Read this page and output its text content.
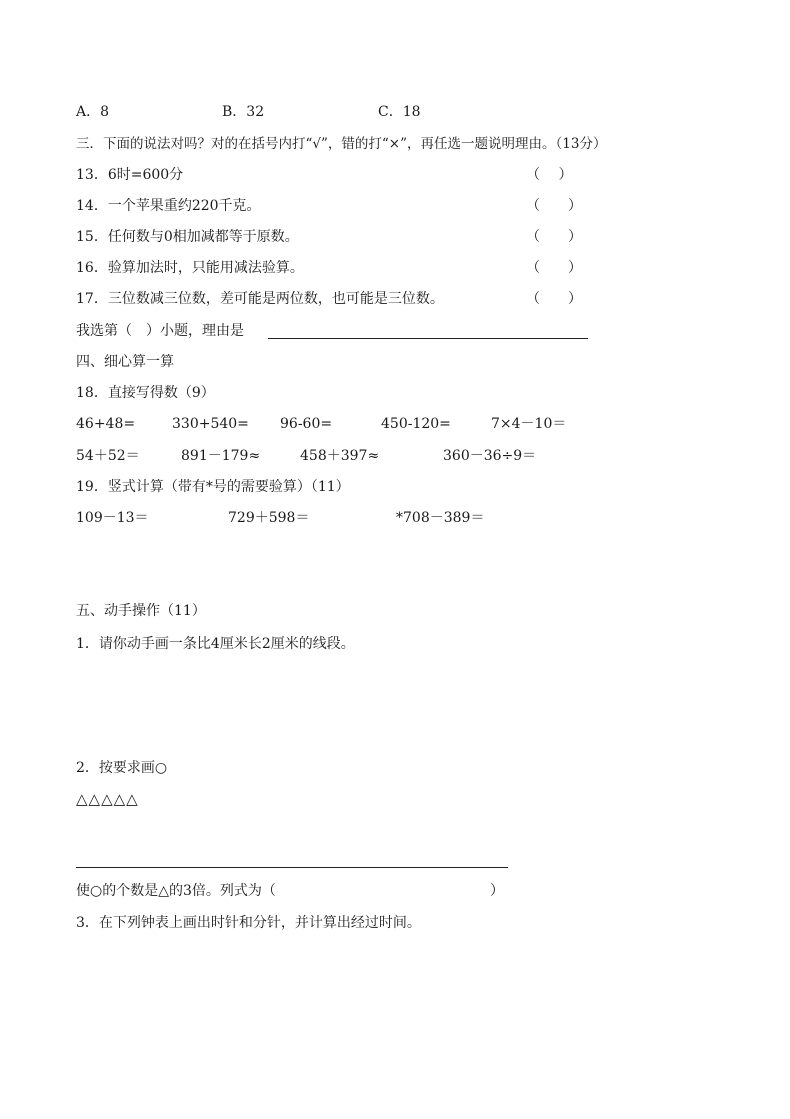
A．8	B．32	C．18
三．下面的说法对吗？对的在括号内打“√”，错的打“×”，再任选一题说明理由。（13分）
13．6时=600分	（　 ）
14．一个苹果重约220千克。	（　　）
15．任何数与0相加减都等于原数。	（　　）
16．验算加法时，只能用减法验算。	（　　）
17．三位数减三位数，差可能是两位数，也可能是三位数。	（　　）
我选第（　）小题，理由是
四、细心算一算
18．直接写得数（9）
46+48=	330+540= 96-60=	450-120=	7×4－10＝
54＋52＝	891－179≈	458＋397≈	360－36÷9＝
19．竖式计算（带有*号的需要验算）（11）
109－13＝	729＋598＝	*708－389＝
五、动手操作（11）
1．请你动手画一条比4厘米长2厘米的线段。
2．按要求画○
△△△△△
使○的个数是△的3倍。列式为（	）
3．在下列钟表上画出时针和分针，并计算出经过时间。
